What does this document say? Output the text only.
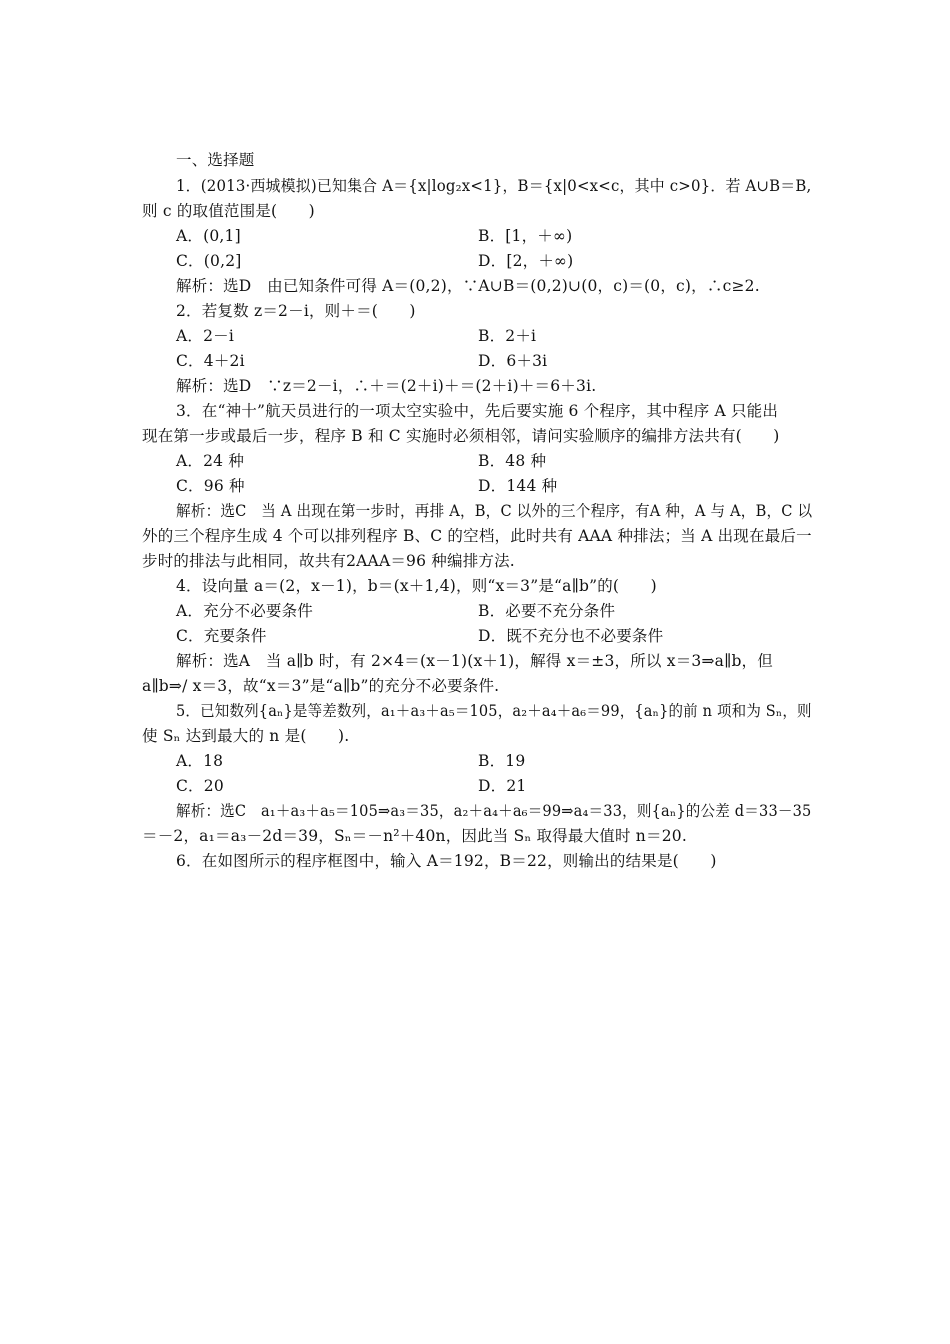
一、选择题
1．(2013·西城模拟)已知集合 A＝{x|log₂x<1}，B＝{x|0<x<c，其中 c>0}．若 A∪B＝B,
则 c 的取值范围是(　　)
A．(0,1]	B．[1，＋∞)
C．(0,2]	D．[2，＋∞)
解析：选D　由已知条件可得 A＝(0,2)，∵A∪B＝(0,2)∪(0，c)＝(0，c)，∴c≥2.
2．若复数 z＝2－i，则＋＝(　　)
A．2－i	B．2＋i
C．4＋2i	D．6＋3i
解析：选D　∵z＝2－i，∴＋＝(2＋i)＋＝(2＋i)＋＝6＋3i.
3．在“神十”航天员进行的一项太空实验中，先后要实施 6 个程序，其中程序 A 只能出
现在第一步或最后一步，程序 B 和 C 实施时必须相邻，请问实验顺序的编排方法共有(　　)
A．24 种	B．48 种
C．96 种	D．144 种
解析：选C　当 A 出现在第一步时，再排 A，B，C 以外的三个程序，有A 种，A 与 A，B，C 以
外的三个程序生成 4 个可以排列程序 B、C 的空档，此时共有 AAA 种排法；当 A 出现在最后一
步时的排法与此相同，故共有2AAA＝96 种编排方法.
4．设向量 a＝(2，x－1)，b＝(x＋1,4)，则“x＝3”是“a∥b”的(　　)
A．充分不必要条件	B．必要不充分条件
C．充要条件	D．既不充分也不必要条件
解析：选A　当 a∥b 时，有 2×4＝(x－1)(x＋1)，解得 x＝±3，所以 x＝3⇒a∥b，但
a∥b⇒/ x＝3，故“x＝3”是“a∥b”的充分不必要条件.
5．已知数列{aₙ}是等差数列，a₁＋a₃＋a₅＝105，a₂＋a₄＋a₆＝99，{aₙ}的前 n 项和为 Sₙ，则
使 Sₙ 达到最大的 n 是(　　).
A．18	B．19
C．20	D．21
解析：选C　a₁＋a₃＋a₅＝105⇒a₃＝35，a₂＋a₄＋a₆＝99⇒a₄＝33，则{aₙ}的公差 d＝33－35
＝－2，a₁＝a₃－2d＝39，Sₙ＝－n²＋40n，因此当 Sₙ 取得最大值时 n＝20.
6．在如图所示的程序框图中，输入 A＝192，B＝22，则输出的结果是(　　)
